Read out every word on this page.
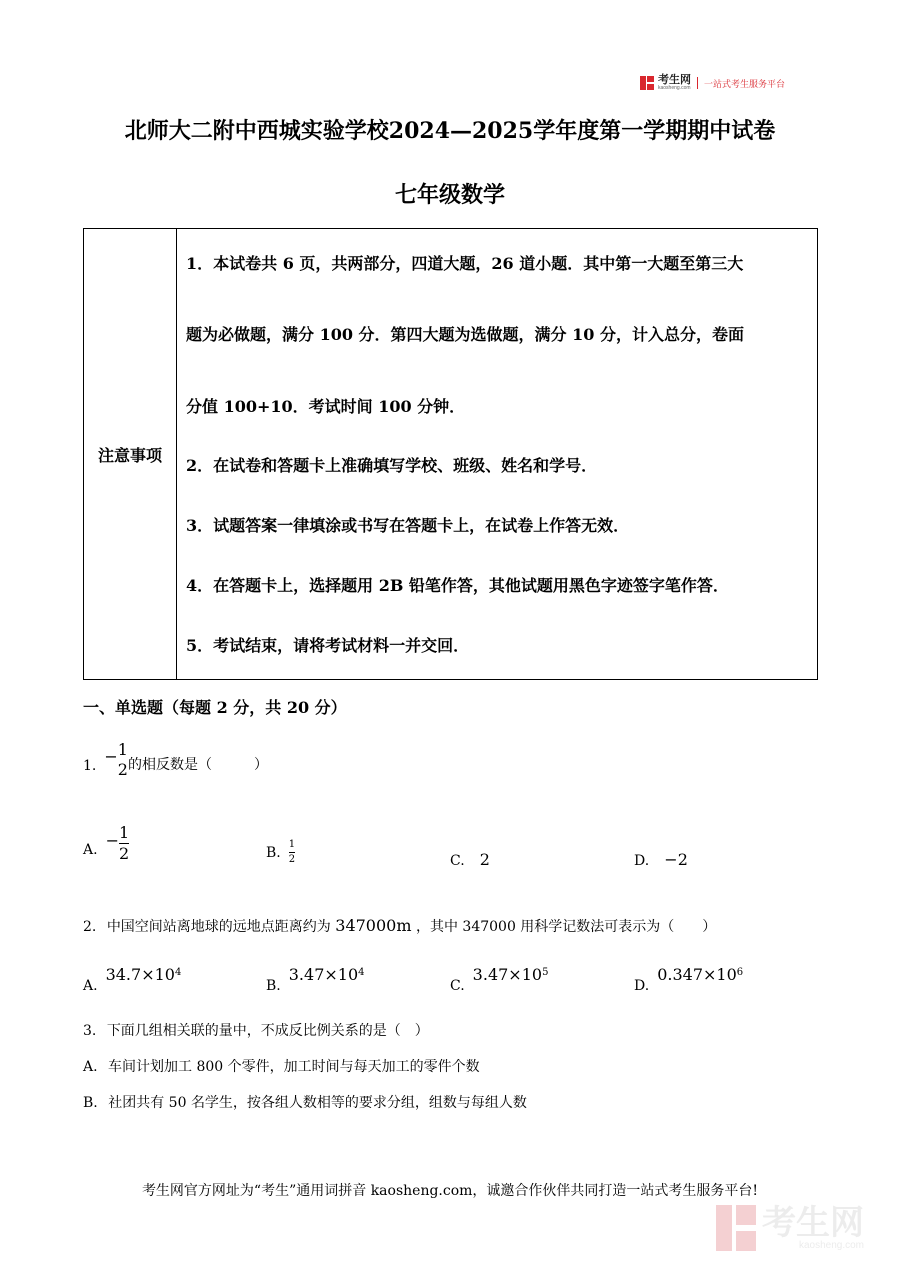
考生网
kaosheng.com 一站式考生服务平台
北师大二附中西城实验学校2024—2025学年度第一学期期中试卷
七年级数学
注意事项
1．本试卷共 6 页，共两部分，四道大题，26 道小题．其中第一大题至第三大
题为必做题，满分 100 分．第四大题为选做题，满分 10 分，计入总分，卷面
分值 100+10．考试时间 100 分钟．
2．在试卷和答题卡上准确填写学校、班级、姓名和学号．
3．试题答案一律填涂或书写在答题卡上，在试卷上作答无效．
4．在答题卡上，选择题用 2B 铅笔作答，其他试题用黑色字迹签字笔作答．
5．考试结束，请将考试材料一并交回．
一、单选题（每题 2 分，共 20 分）
1. − 1
2 的相反数是（　　　）
A. − $\frac{1}{2}$	B. $\frac{1}{2}$	C. 2	D. −2
2. 中国空间站离地球的远地点距离约为 347000m ，其中 347000 用科学记数法可表示为（　　）
A.
$34.7\times 10^4$
B.
$3.47\times 10^4$
C.
$3.47\times 10^5$
D.
$0.347\times 10^6$
3. 下面几组相关联的量中，不成反比例关系的是（　）
A. 车间计划加工 800 个零件，加工时间与每天加工的零件个数
B. 社团共有 50 名学生，按各组人数相等的要求分组，组数与每组人数
考生网官方网址为“考生”通用词拼音 kaosheng.com，诚邀合作伙伴共同打造一站式考生服务平台!
考生网
kaosheng.com
